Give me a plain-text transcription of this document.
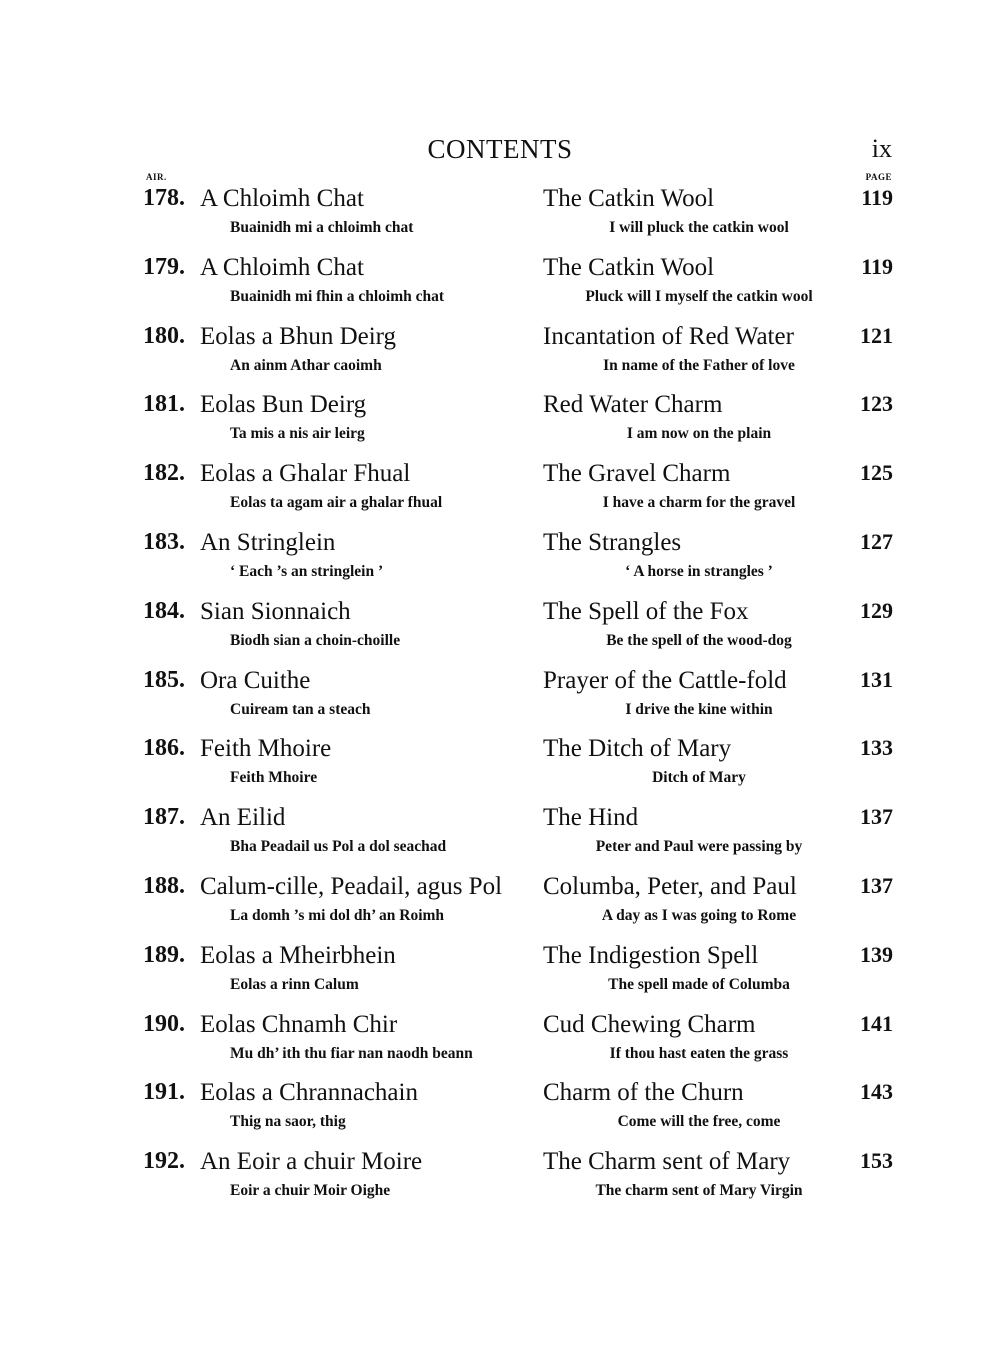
CONTENTS	ix
AIR.	PAGE
178. A Chloimh Chat
Buainidh mi a chloimh chat
The Catkin Wool
I will pluck the catkin wool
119
179. A Chloimh Chat
Buainidh mi fhin a chloimh chat
The Catkin Wool
Pluck will I myself the catkin wool
119
180. Eolas a Bhun Deirg
An ainm Athar caoimh
Incantation of Red Water
In name of the Father of love
121
181. Eolas Bun Deirg
Ta mis a nis air leirg
Red Water Charm
I am now on the plain
123
182. Eolas a Ghalar Fhual
Eolas ta agam air a ghalar fhual
The Gravel Charm
I have a charm for the gravel
125
183. An Stringlein
‘ Each ’s an stringlein ’
The Strangles
‘ A horse in strangles ’
127
184. Sian Sionnaich
Biodh sian a choin-choille
The Spell of the Fox
Be the spell of the wood-dog
129
185. Ora Cuithe
Cuiream tan a steach
Prayer of the Cattle-fold
I drive the kine within
131
186. Feith Mhoire
Feith Mhoire
The Ditch of Mary
Ditch of Mary
133
187. An Eilid
Bha Peadail us Pol a dol seachad
The Hind
Peter and Paul were passing by
137
188. Calum-cille, Peadail, agus Pol
La domh ’s mi dol dh’ an Roimh
Columba, Peter, and Paul
A day as I was going to Rome
137
189. Eolas a Mheirbhein
Eolas a rinn Calum
The Indigestion Spell
The spell made of Columba
139
190. Eolas Chnamh Chir
Mu dh’ ith thu fiar nan naodh beann
Cud Chewing Charm
If thou hast eaten the grass
141
191. Eolas a Chrannachain
Thig na saor, thig
Charm of the Churn
Come will the free, come
143
192. An Eoir a chuir Moire
Eoir a chuir Moir Oighe
The Charm sent of Mary
The charm sent of Mary Virgin
153
